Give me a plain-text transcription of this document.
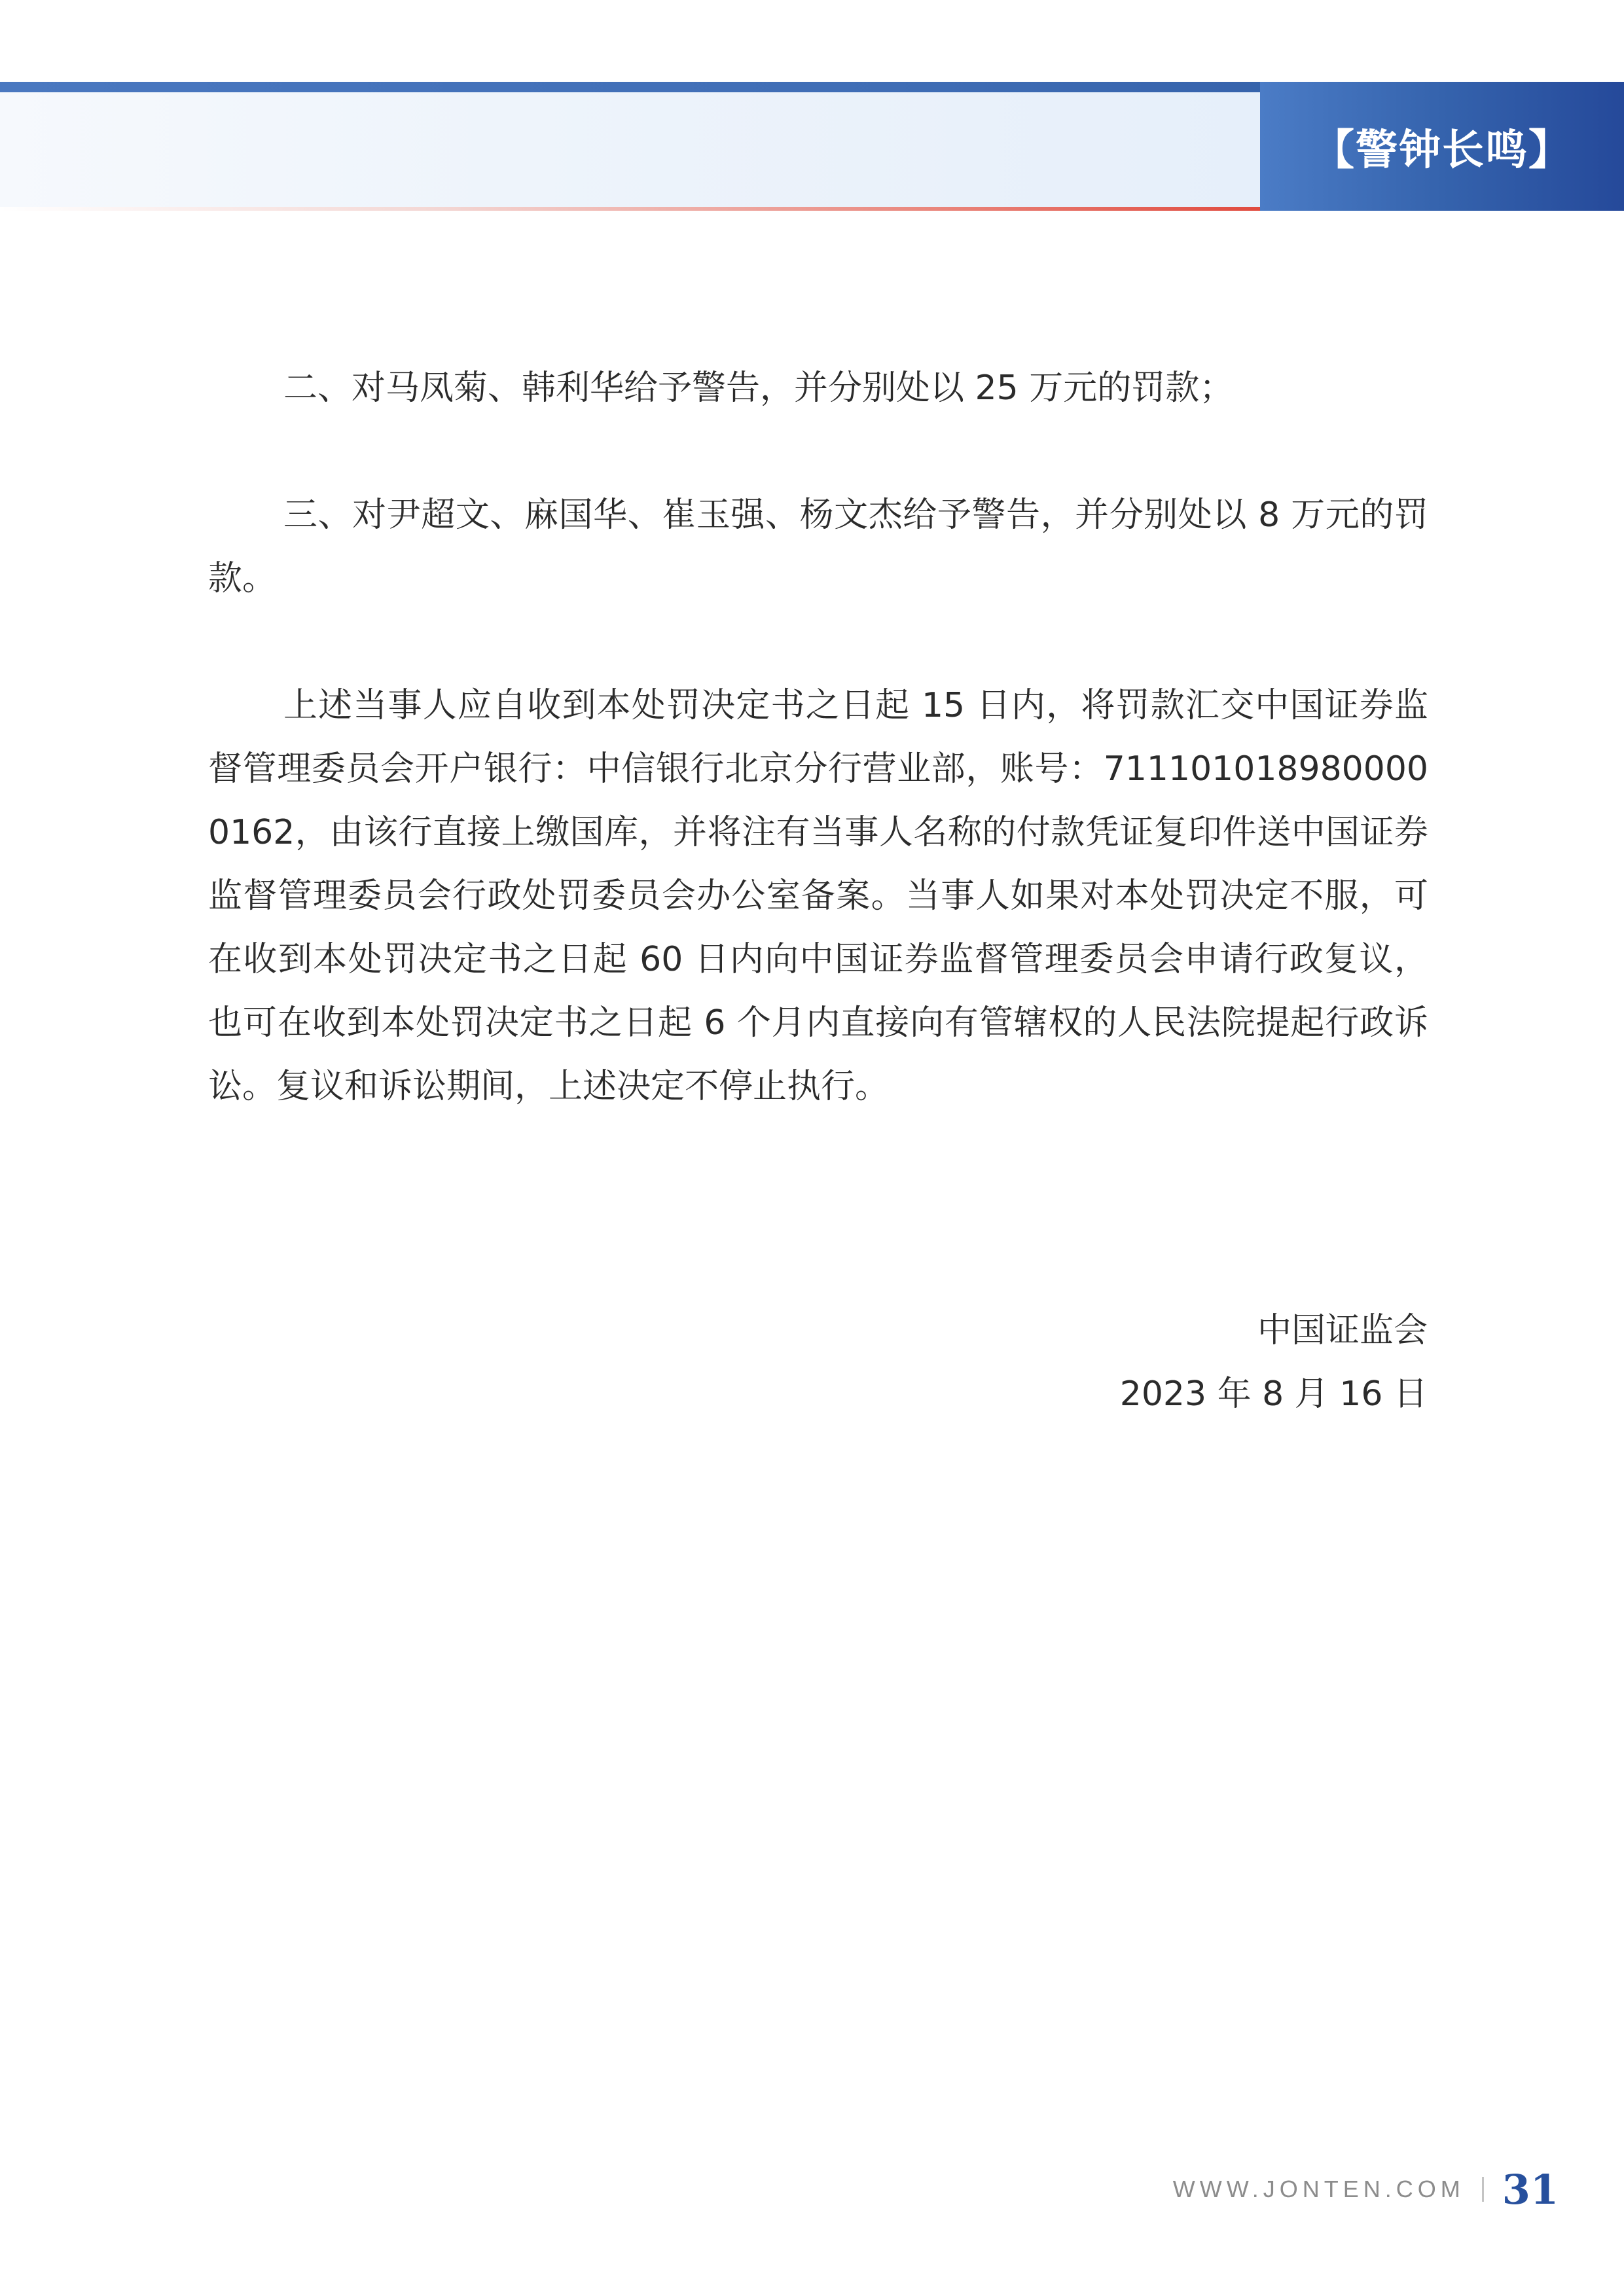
【警钟长鸣】

二、对马凤菊、韩利华给予警告，并分别处以 25 万元的罚款；

三、对尹超文、麻国华、崔玉强、杨文杰给予警告，并分别处以 8 万元的罚款。

上述当事人应自收到本处罚决定书之日起 15 日内，将罚款汇交中国证券监督管理委员会开户银行：中信银行北京分行营业部，账号：7111010189800000162，由该行直接上缴国库，并将注有当事人名称的付款凭证复印件送中国证券监督管理委员会行政处罚委员会办公室备案。当事人如果对本处罚决定不服，可在收到本处罚决定书之日起 60 日内向中国证券监督管理委员会申请行政复议，也可在收到本处罚决定书之日起 6 个月内直接向有管辖权的人民法院提起行政诉讼。复议和诉讼期间，上述决定不停止执行。

中国证监会
2023 年 8 月 16 日
WWW.JONTEN.COM 31
